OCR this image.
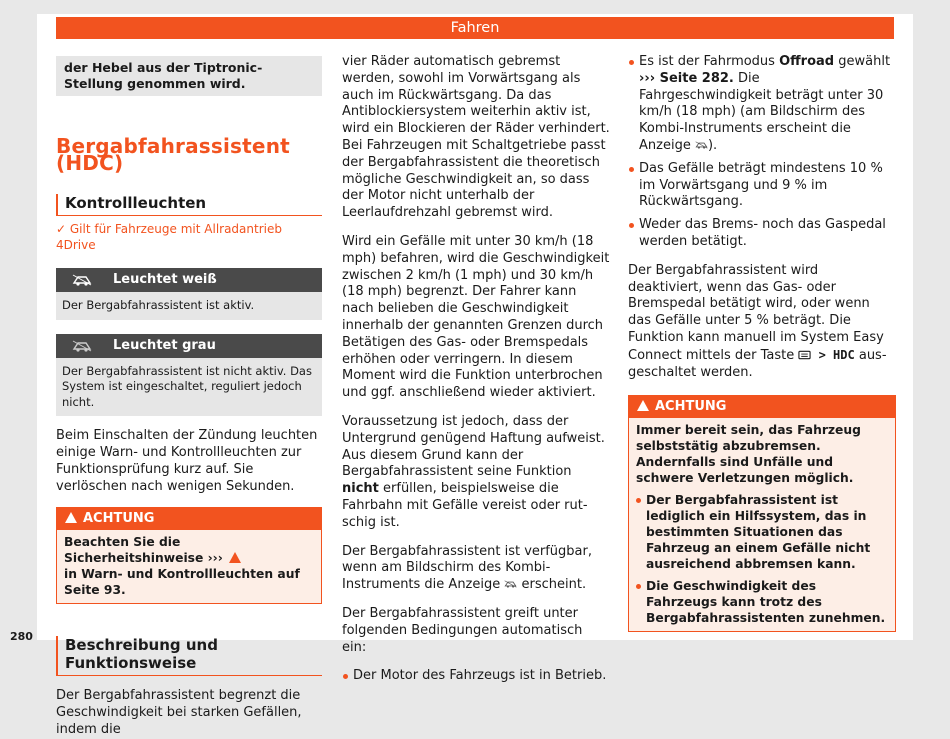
Fahren
der Hebel aus der Tiptronic-Stellung genommen wird.
Bergabfahrassistent (HDC)
Kontrollleuchten
✓ Gilt für Fahrzeuge mit Allradantrieb 4Drive
Leuchtet weiß
Der Bergabfahrassistent ist aktiv.
Leuchtet grau
Der Bergabfahrassistent ist nicht aktiv. Das System ist eingeschaltet, reguliert jedoch nicht.

Beim Einschalten der Zündung leuchten einige Warn- und Kontrollleuchten zur Funktionsprüfung kurz auf. Sie verlöschen nach wenigen Sekunden.

ACHTUNG
Beachten Sie die Sicherheitshinweise ›››
in Warn- und Kontrollleuchten auf Seite 93.
Beschreibung und Funktionsweise

Der Bergabfahrassistent begrenzt die Geschwindigkeit bei starken Gefällen, indem die

vier Räder automatisch gebremst werden, sowohl im Vorwärtsgang als auch im Rückwärtsgang. Da das Antiblockiersystem weiterhin aktiv ist, wird ein Blockieren der Räder verhindert. Bei Fahrzeugen mit Schaltgetriebe passt der Bergabfahrassistent die theoretisch mögliche Geschwindigkeit an, so dass der Motor nicht unterhalb der Leerlaufdrehzahl gebremst wird.

Wird ein Gefälle mit unter 30 km/h (18 mph) befahren, wird die Geschwindigkeit zwischen 2 km/h (1 mph) und 30 km/h (18 mph) begrenzt. Der Fahrer kann nach belieben die Geschwindigkeit innerhalb der genannten Grenzen durch Betätigen des Gas- oder Bremspedals erhöhen oder verringern. In diesem Moment wird die Funktion unterbrochen und ggf. anschließend wieder aktiviert.

Voraussetzung ist jedoch, dass der Untergrund genügend Haftung aufweist. Aus diesem Grund kann der Bergabfahrassistent seine Funktion nicht erfüllen, beispielsweise die Fahrbahn mit Gefälle vereist oder rutschig ist.

Der Bergabfahrassistent ist verfügbar, wenn am Bildschirm des Kombi-Instruments die Anzeige  erscheint.

Der Bergabfahrassistent greift unter folgenden Bedingungen automatisch ein:

Der Motor des Fahrzeugs ist in Betrieb.

Es ist der Fahrmodus Offroad gewählt
››› Seite 282. Die Fahrgeschwindigkeit beträgt unter 30 km/h (18 mph) (am Bildschirm des Kombi-Instruments erscheint die Anzeige ).

Das Gefälle beträgt mindestens 10 % im Vorwärtsgang und 9 % im Rückwärtsgang.

Weder das Brems- noch das Gaspedal werden betätigt.

Der Bergabfahrassistent wird deaktiviert, wenn das Gas- oder Bremspedal betätigt wird, oder wenn das Gefälle unter 5 % beträgt. Die Funktion kann manuell im System Easy Connect mittels der Taste  > HDC ausgeschaltet werden.

ACHTUNG
Immer bereit sein, das Fahrzeug selbststätig abzubremsen. Andernfalls sind Unfälle und schwere Verletzungen möglich.
Der Bergabfahrassistent ist lediglich ein Hilfssystem, das in bestimmten Situationen das Fahrzeug an einem Gefälle nicht ausreichend abbremsen kann.
Die Geschwindigkeit des Fahrzeugs kann trotz des Bergabfahrassistenten zunehmen.
280
